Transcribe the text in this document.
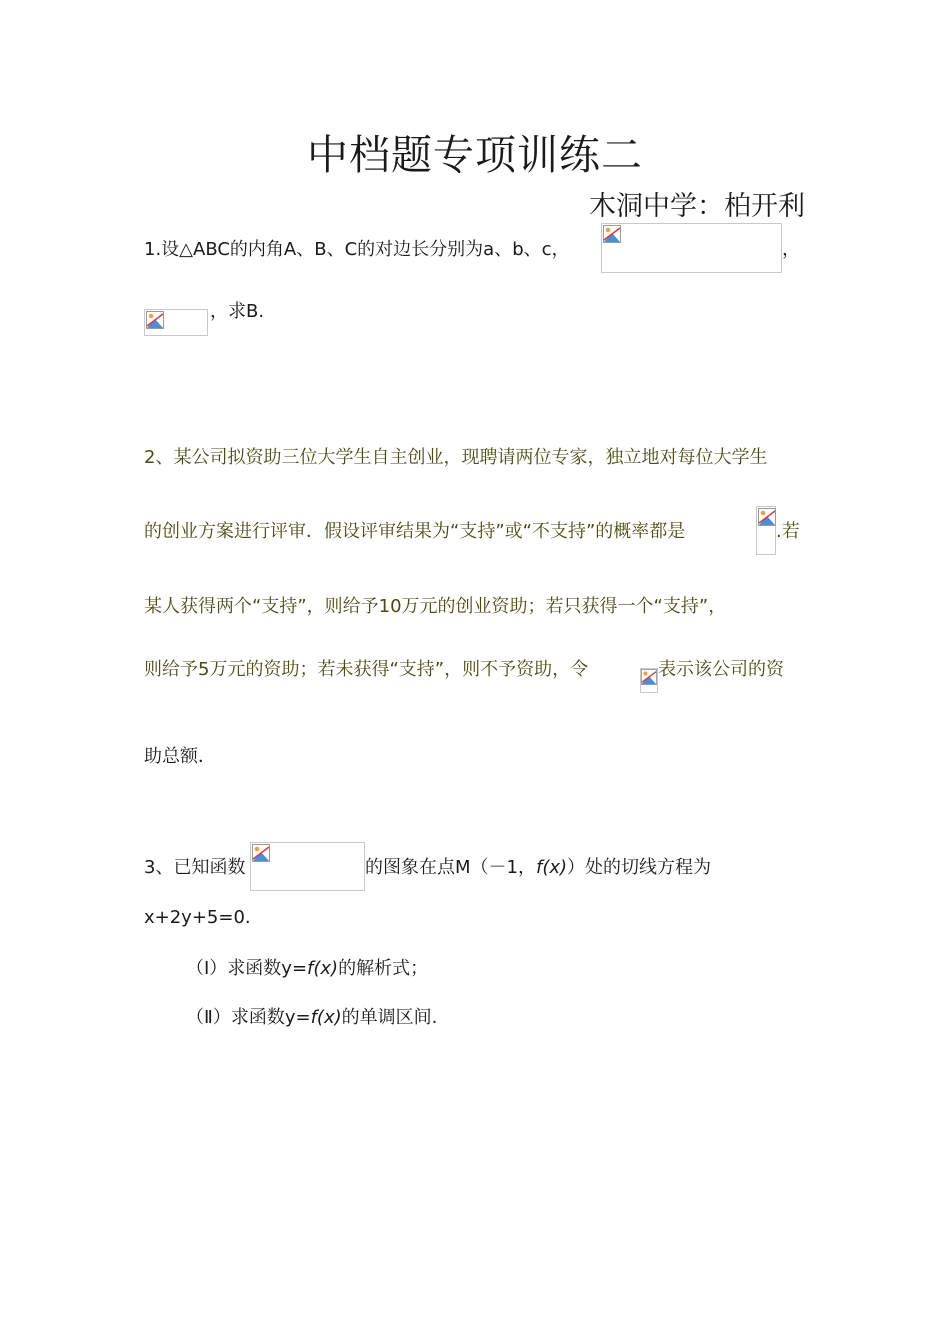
中档题专项训练二
木洞中学：柏开利
1.设△ABC的内角A、B、C的对边长分别为a、b、c，	，
，求B.
2、某公司拟资助三位大学生自主创业，现聘请两位专家，独立地对每位大学生
的创业方案进行评审．假设评审结果为“支持”或“不支持”的概率都是	.若
某人获得两个“支持”，则给予10万元的创业资助；若只获得一个“支持”，
则给予5万元的资助；若未获得“支持”，则不予资助，令	表示该公司的资
助总额．
3、已知函数	的图象在点M（－1，f(x)）处的切线方程为
x+2y+5=0.
（Ⅰ）求函数y=f(x)的解析式；
（Ⅱ）求函数y=f(x)的单调区间.
